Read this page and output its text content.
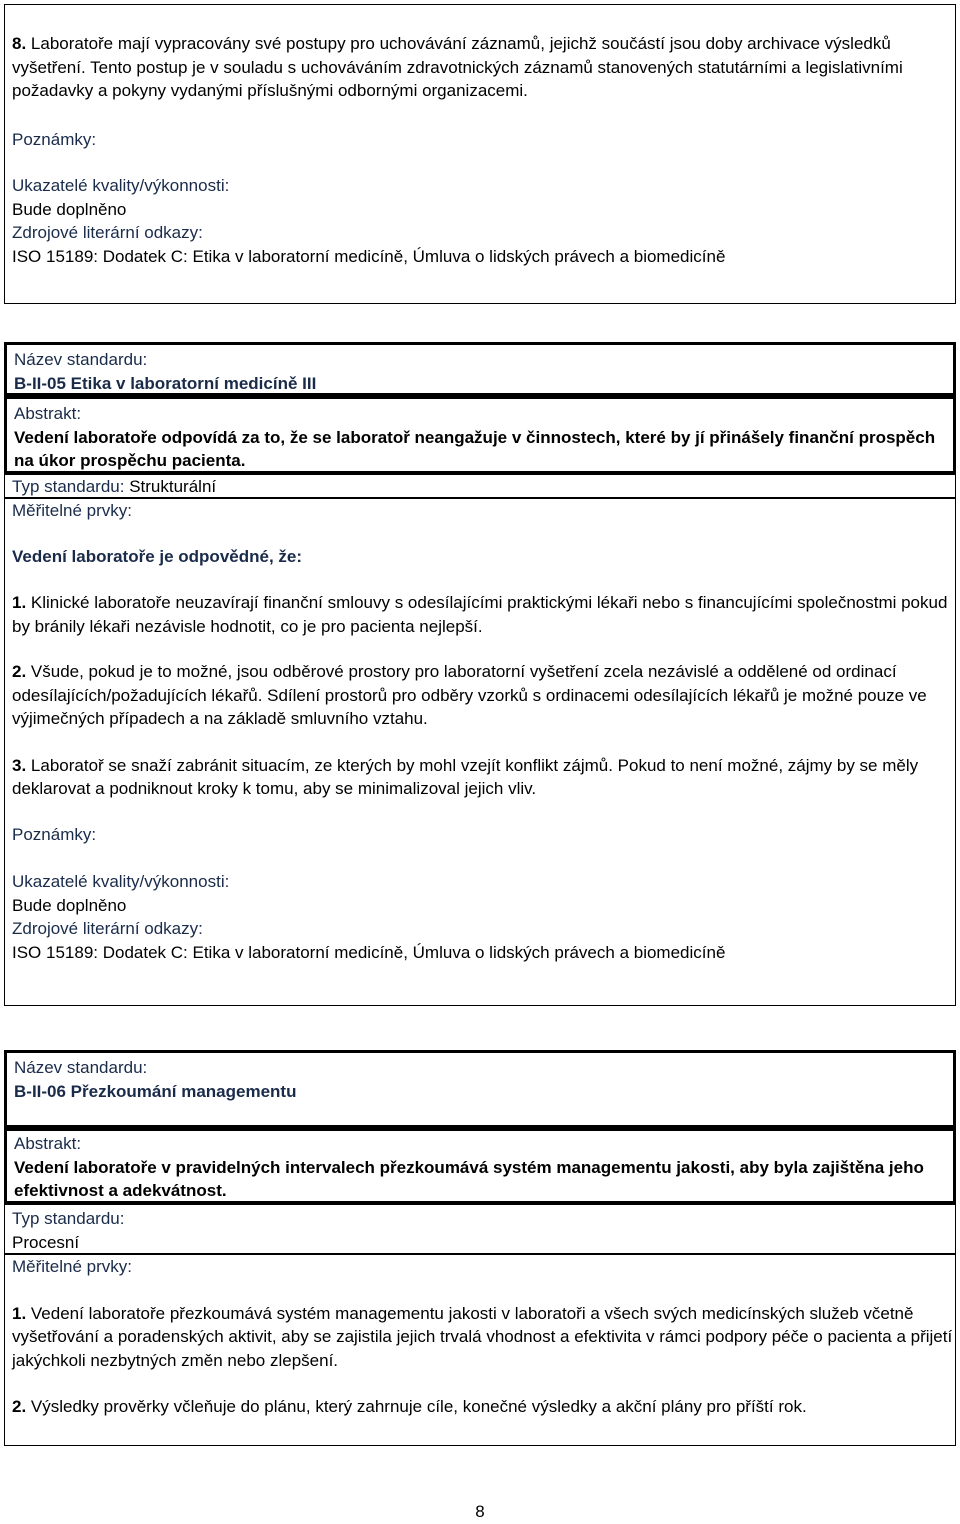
8. Laboratoře mají vypracovány své postupy pro uchovávání záznamů, jejichž součástí jsou doby archivace výsledků vyšetření. Tento postup je v souladu s uchováváním zdravotnických záznamů stanovených statutárními a legislativními požadavky a pokyny vydanými příslušnými odbornými organizacemi.

Poznámky:

Ukazatelé kvality/výkonnosti:

Bude doplněno

Zdrojové literární odkazy:

ISO 15189: Dodatek C: Etika v laboratorní medicíně, Úmluva o lidských právech a biomedicíně

Název standardu:

B-II-05 Etika v laboratorní medicíně III

Abstrakt:

Vedení laboratoře odpovídá za to, že se laboratoř neangažuje v činnostech, které by jí přinášely finanční prospěch na úkor prospěchu pacienta.

Typ standardu: Strukturální

Měřitelné prvky:

Vedení laboratoře je odpovědné, že:

1. Klinické laboratoře neuzavírají finanční smlouvy s odesílajícími praktickými lékaři nebo s financujícími společnostmi pokud by bránily lékaři nezávisle hodnotit, co je pro pacienta nejlepší.

2. Všude, pokud je to možné, jsou odběrové prostory pro laboratorní vyšetření zcela nezávislé a oddělené od ordinací odesílajících/požadujících lékařů. Sdílení prostorů pro odběry vzorků s ordinacemi odesílajících lékařů je možné pouze ve výjimečných případech a na základě smluvního vztahu.

3. Laboratoř se snaží zabránit situacím, ze kterých by mohl vzejít konflikt zájmů. Pokud to není možné, zájmy by se měly deklarovat a podniknout kroky k tomu, aby se minimalizoval jejich vliv.

Poznámky:

Ukazatelé kvality/výkonnosti:

Bude doplněno

Zdrojové literární odkazy:

ISO 15189: Dodatek C: Etika v laboratorní medicíně, Úmluva o lidských právech a biomedicíně

Název standardu:

B-II-06 Přezkoumání managementu

Abstrakt:

Vedení laboratoře v pravidelných intervalech přezkoumává systém managementu jakosti, aby byla zajištěna jeho efektivnost a adekvátnost.

Typ standardu:

Procesní

Měřitelné prvky:

1. Vedení laboratoře přezkoumává systém managementu jakosti v laboratoři a všech svých medicínských služeb včetně vyšetřování a poradenských aktivit, aby se zajistila jejich trvalá vhodnost a efektivita v rámci podpory péče o pacienta a přijetí jakýchkoli nezbytných změn nebo zlepšení.

2. Výsledky prověrky včleňuje do plánu, který zahrnuje cíle, konečné výsledky a akční plány pro příští rok.

8
